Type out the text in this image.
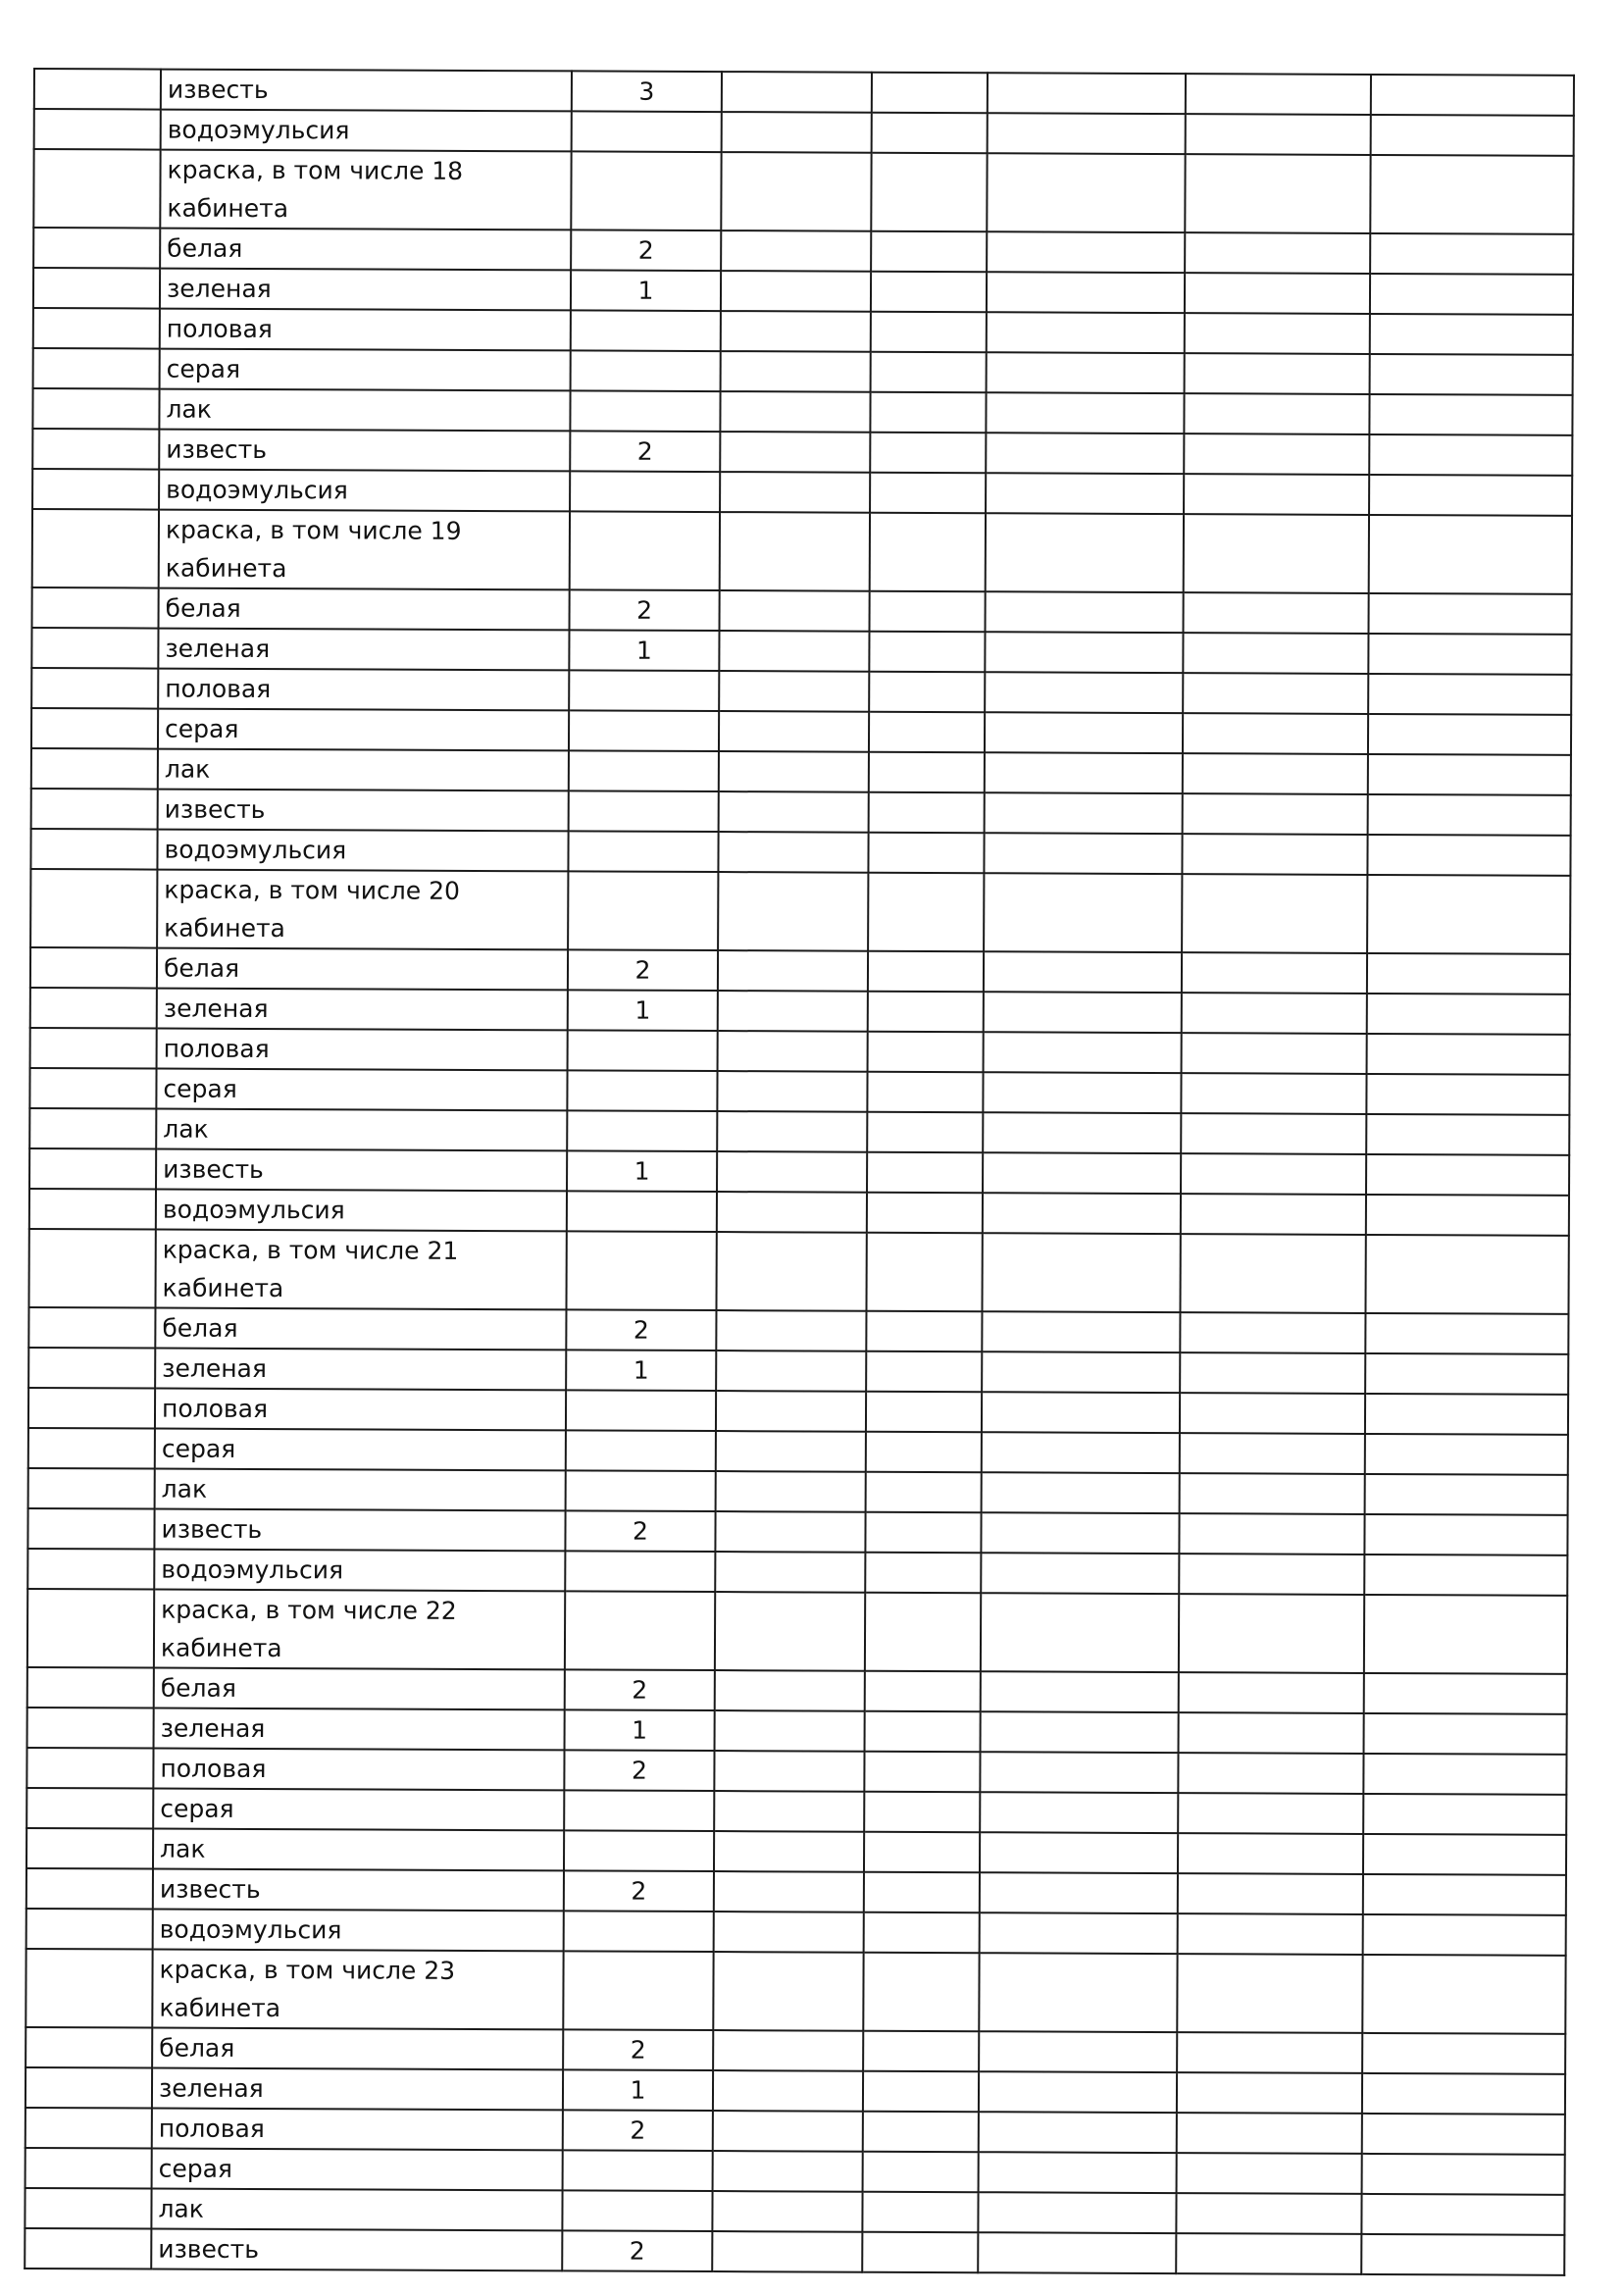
	известь	3					
	водоэмульсия						
	краска, в том числе 18 кабинета						
	белая	2					
	зеленая	1					
	половая						
	серая						
	лак						
	известь	2					
	водоэмульсия						
	краска, в том числе 19 кабинета						
	белая	2					
	зеленая	1					
	половая						
	серая						
	лак						
	известь						
	водоэмульсия						
	краска, в том числе 20 кабинета						
	белая	2					
	зеленая	1					
	половая						
	серая						
	лак						
	известь	1					
	водоэмульсия						
	краска, в том числе 21 кабинета						
	белая	2					
	зеленая	1					
	половая						
	серая						
	лак						
	известь	2					
	водоэмульсия						
	краска, в том числе 22 кабинета						
	белая	2					
	зеленая	1					
	половая	2					
	серая						
	лак						
	известь	2					
	водоэмульсия						
	краска, в том числе 23 кабинета						
	белая	2					
	зеленая	1					
	половая	2					
	серая						
	лак						
	известь	2					
